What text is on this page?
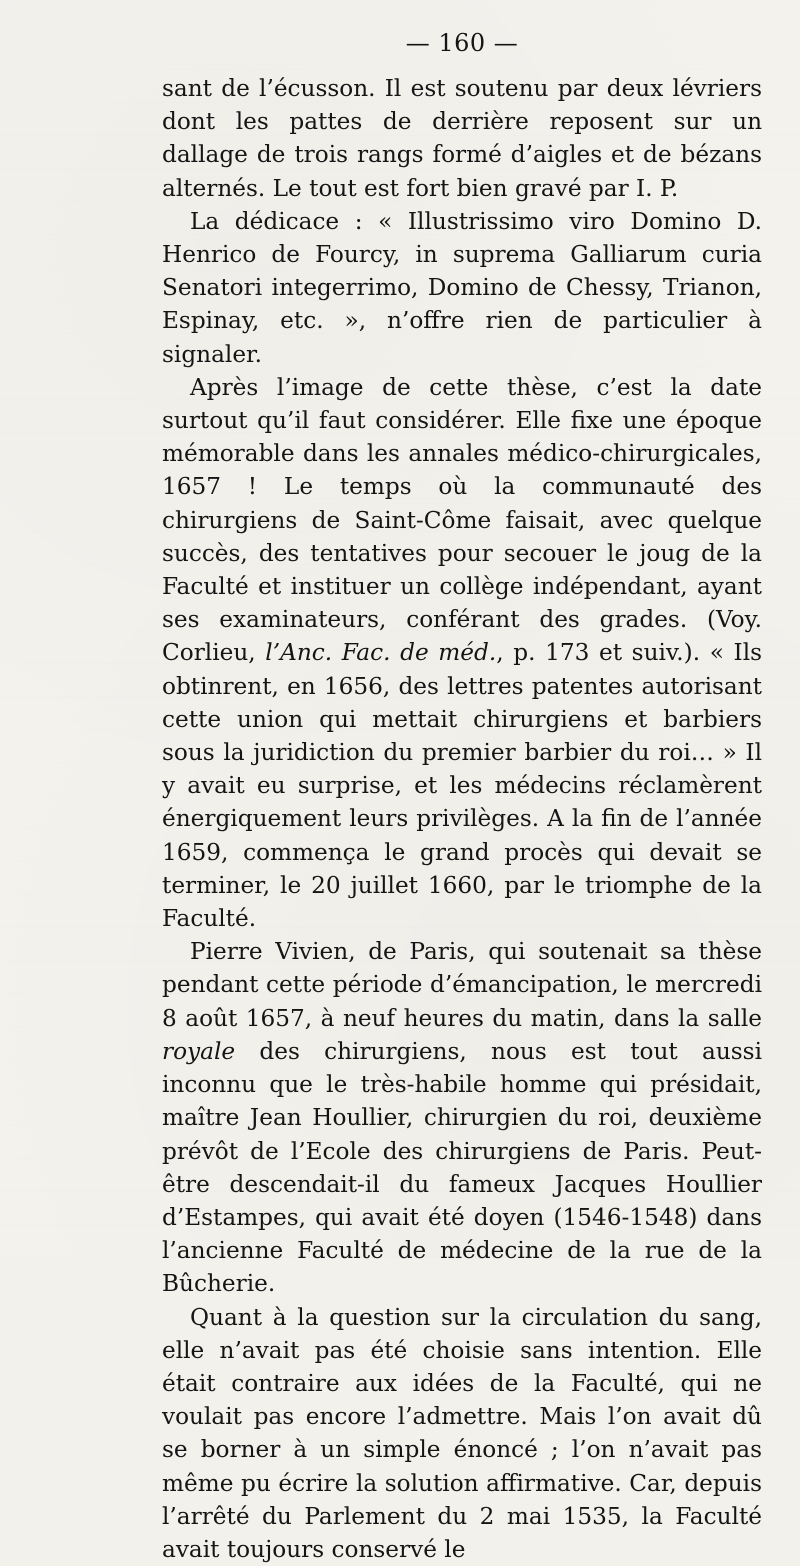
— 160 —

sant de l’écusson. Il est soutenu par deux lévriers dont les pattes de derrière reposent sur un dallage de trois rangs formé d’aigles et de bézans alternés. Le tout est fort bien gravé par I. P.

La dédicace : « Illustrissimo viro Domino D. Henrico de Fourcy, in suprema Galliarum curia Senatori integerrimo, Domino de Chessy, Trianon, Espinay, etc. », n’offre rien de particulier à signaler.

Après l’image de cette thèse, c’est la date surtout qu’il faut considérer. Elle fixe une époque mémorable dans les annales médico-chirurgicales, 1657 ! Le temps où la communauté des chirurgiens de Saint-Côme faisait, avec quelque succès, des tentatives pour secouer le joug de la Faculté et instituer un collège indépendant, ayant ses examinateurs, conférant des grades. (Voy. Corlieu, l’Anc. Fac. de méd., p. 173 et suiv.). « Ils obtinrent, en 1656, des lettres patentes autorisant cette union qui mettait chirurgiens et barbiers sous la juridiction du premier barbier du roi… » Il y avait eu surprise, et les médecins réclamèrent énergiquement leurs privilèges. A la fin de l’année 1659, commença le grand procès qui devait se terminer, le 20 juillet 1660, par le triomphe de la Faculté.

Pierre Vivien, de Paris, qui soutenait sa thèse pendant cette période d’émancipation, le mercredi 8 août 1657, à neuf heures du matin, dans la salle royale des chirurgiens, nous est tout aussi inconnu que le très-habile homme qui présidait, maître Jean Houllier, chirurgien du roi, deuxième prévôt de l’Ecole des chirurgiens de Paris. Peut-être descendait-il du fameux Jacques Houllier d’Estampes, qui avait été doyen (1546-1548) dans l’ancienne Faculté de médecine de la rue de la Bûcherie.

Quant à la question sur la circulation du sang, elle n’avait pas été choisie sans intention. Elle était contraire aux idées de la Faculté, qui ne voulait pas encore l’admettre. Mais l’on avait dû se borner à un simple énoncé ; l’on n’avait pas même pu écrire la solution affirmative. Car, depuis l’arrêté du Parlement du 2 mai 1535, la Faculté avait toujours conservé le
